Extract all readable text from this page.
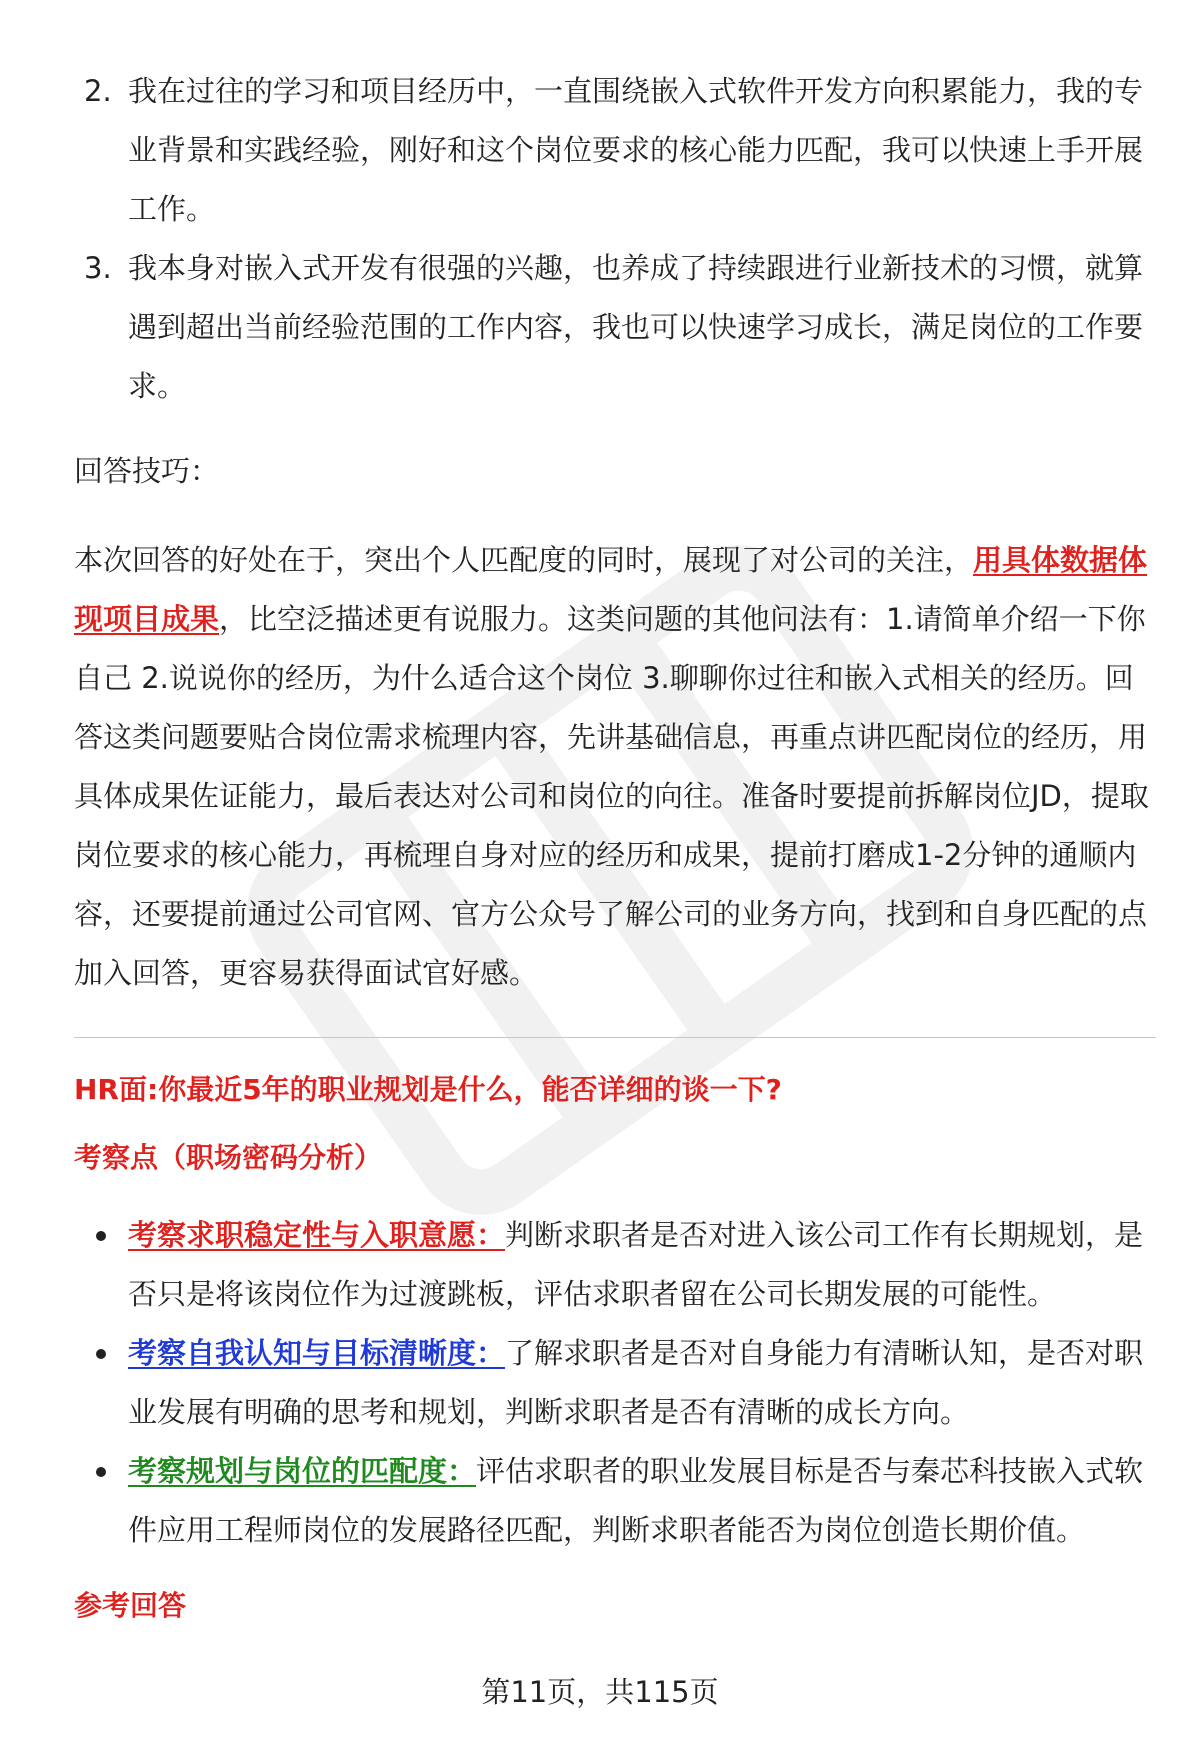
2. 我在过往的学习和项目经历中，一直围绕嵌入式软件开发方向积累能力，我的专业背景和实践经验，刚好和这个岗位要求的核心能力匹配，我可以快速上手开展工作。

3. 我本身对嵌入式开发有很强的兴趣，也养成了持续跟进行业新技术的习惯，就算遇到超出当前经验范围的工作内容，我也可以快速学习成长，满足岗位的工作要求。

回答技巧：

本次回答的好处在于，突出个人匹配度的同时，展现了对公司的关注，用具体数据体现项目成果，比空泛描述更有说服力。这类问题的其他问法有：1.请简单介绍一下你自己 2.说说你的经历，为什么适合这个岗位 3.聊聊你过往和嵌入式相关的经历。回答这类问题要贴合岗位需求梳理内容，先讲基础信息，再重点讲匹配岗位的经历，用具体成果佐证能力，最后表达对公司和岗位的向往。准备时要提前拆解岗位JD，提取岗位要求的核心能力，再梳理自身对应的经历和成果，提前打磨成1-2分钟的通顺内容，还要提前通过公司官网、官方公众号了解公司的业务方向，找到和自身匹配的点加入回答，更容易获得面试官好感。

HR面:你最近5年的职业规划是什么，能否详细的谈一下?

考察点（职场密码分析）

考察求职稳定性与入职意愿：判断求职者是否对进入该公司工作有长期规划，是否只是将该岗位作为过渡跳板，评估求职者留在公司长期发展的可能性。

考察自我认知与目标清晰度：了解求职者是否对自身能力有清晰认知，是否对职业发展有明确的思考和规划，判断求职者是否有清晰的成长方向。

考察规划与岗位的匹配度：评估求职者的职业发展目标是否与秦芯科技嵌入式软件应用工程师岗位的发展路径匹配，判断求职者能否为岗位创造长期价值。

参考回答

第11页，共115页
